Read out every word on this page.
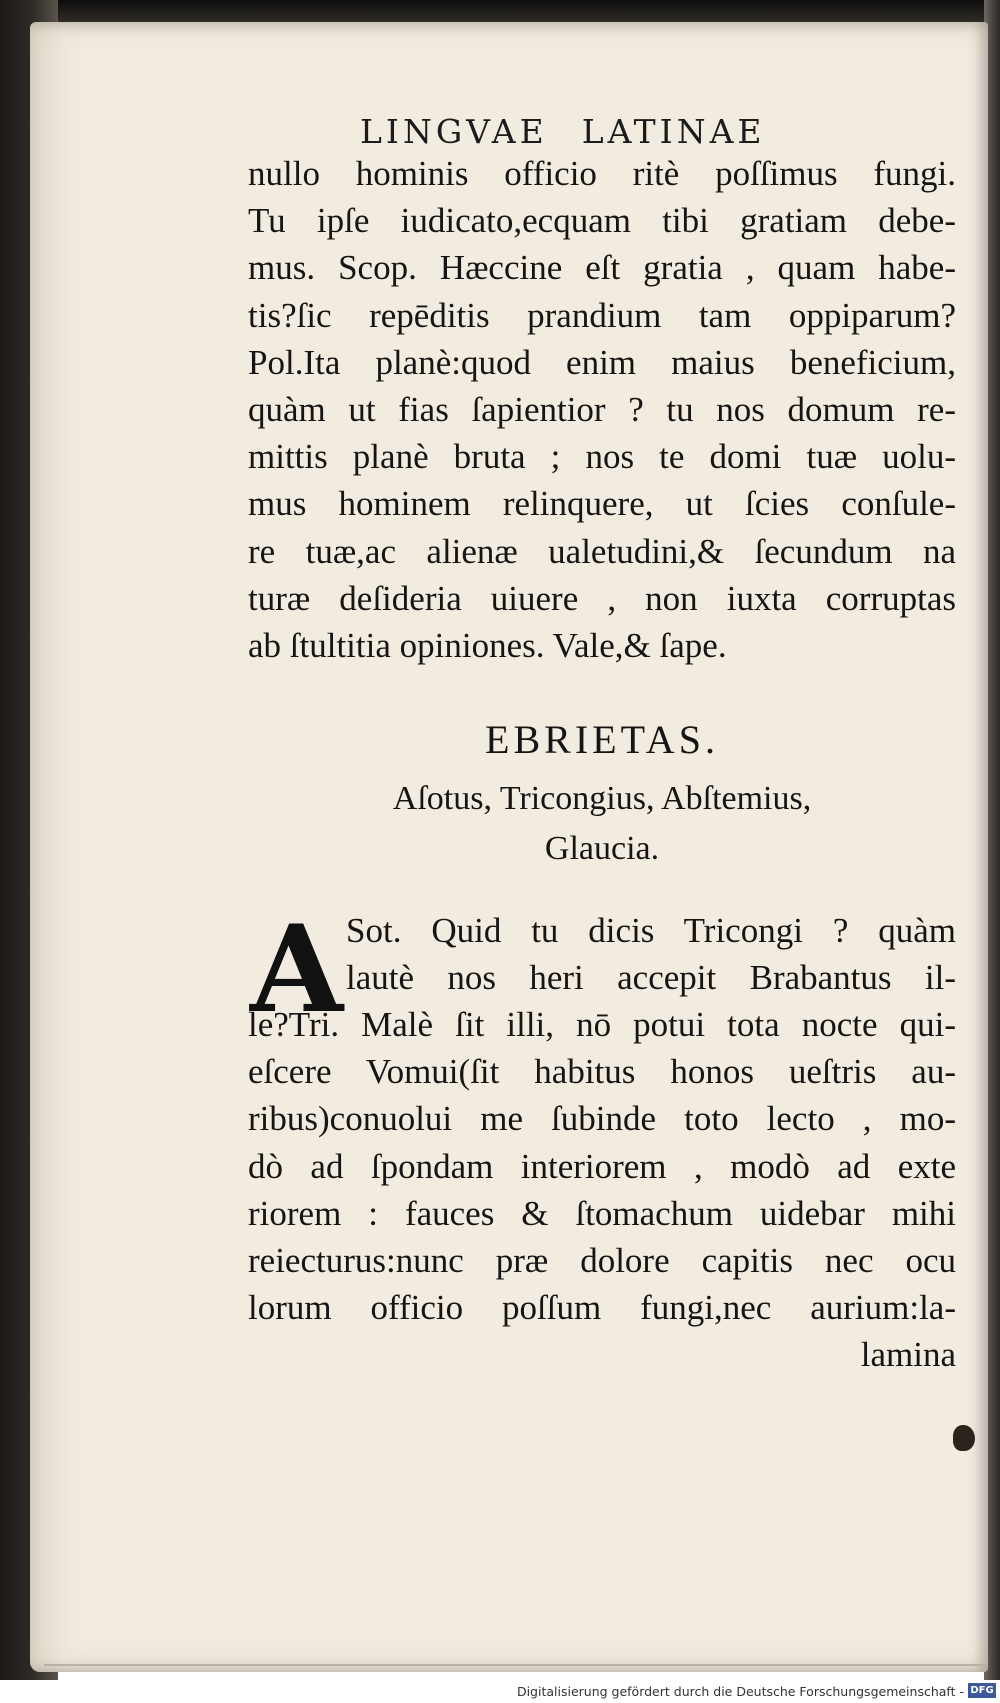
LINGVAE LATINAE
nullo hominis officio ritè poſſimus fungi.
Tu ipſe iudicato,ecquam tibi gratiam debe-
mus. Scop. Hæccine eſt gratia , quam habe-
tis?ſic repēditis prandium tam oppiparum?
Pol.Ita planè:quod enim maius beneficium,
quàm ut fias ſapientior ? tu nos domum re-
mittis planè bruta ; nos te domi tuæ uolu-
mus hominem relinquere, ut ſcies conſule-
re tuæ,ac alienæ ualetudini,& ſecundum na
turæ deſideria uiuere , non iuxta corruptas
ab ſtultitia opiniones. Vale,& ſape.
EBRIETAS.
Aſotus, Tricongius, Abſtemius,
Glaucia.
A Sot. Quid tu dicis Tricongi ? quàm
lautè nos heri accepit Brabantus il-
le?Tri. Malè ſit illi, nō potui tota nocte qui-
eſcere Vomui(ſit habitus honos ueſtris au-
ribus)conuolui me ſubinde toto lecto , mo-
dò ad ſpondam interiorem , modò ad exte
riorem : fauces & ſtomachum uidebar mihi
reiecturus:nunc præ dolore capitis nec ocu
lorum officio poſſum fungi,nec aurium:la-
lamina
Digitalisierung gefördert durch die Deutsche Forschungsgemeinschaft - DFG
